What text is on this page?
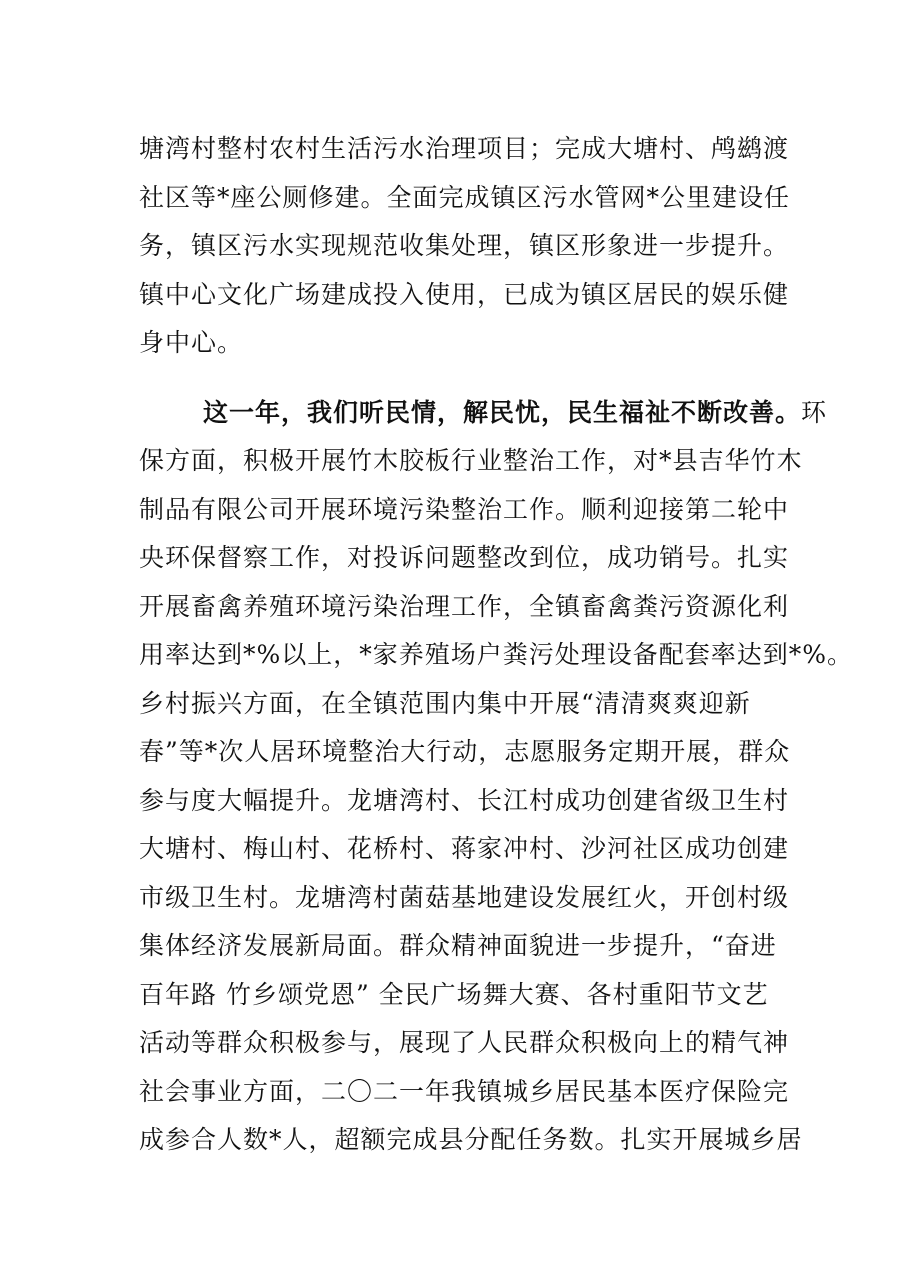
塘湾村整村农村生活污水治理项目；完成大塘村、鸬鹚渡
社区等*座公厕修建。全面完成镇区污水管网*公里建设任
务，镇区污水实现规范收集处理，镇区形象进一步提升。
镇中心文化广场建成投入使用，已成为镇区居民的娱乐健
身中心。
这一年，我们听民情，解民忧，民生福祉不断改善。环
保方面，积极开展竹木胶板行业整治工作，对*县吉华竹木
制品有限公司开展环境污染整治工作。顺利迎接第二轮中
央环保督察工作，对投诉问题整改到位，成功销号。扎实
开展畜禽养殖环境污染治理工作，全镇畜禽粪污资源化利
用率达到*%以上，*家养殖场户粪污处理设备配套率达到*%。
乡村振兴方面，在全镇范围内集中开展“清清爽爽迎新
春”等*次人居环境整治大行动，志愿服务定期开展，群众
参与度大幅提升。龙塘湾村、长江村成功创建省级卫生村
大塘村、梅山村、花桥村、蒋家冲村、沙河社区成功创建
市级卫生村。龙塘湾村菌菇基地建设发展红火，开创村级
集体经济发展新局面。群众精神面貌进一步提升，“奋进
百年路 竹乡颂党恩” 全民广场舞大赛、各村重阳节文艺
活动等群众积极参与，展现了人民群众积极向上的精气神
社会事业方面，二〇二一年我镇城乡居民基本医疗保险完
成参合人数*人，超额完成县分配任务数。扎实开展城乡居
